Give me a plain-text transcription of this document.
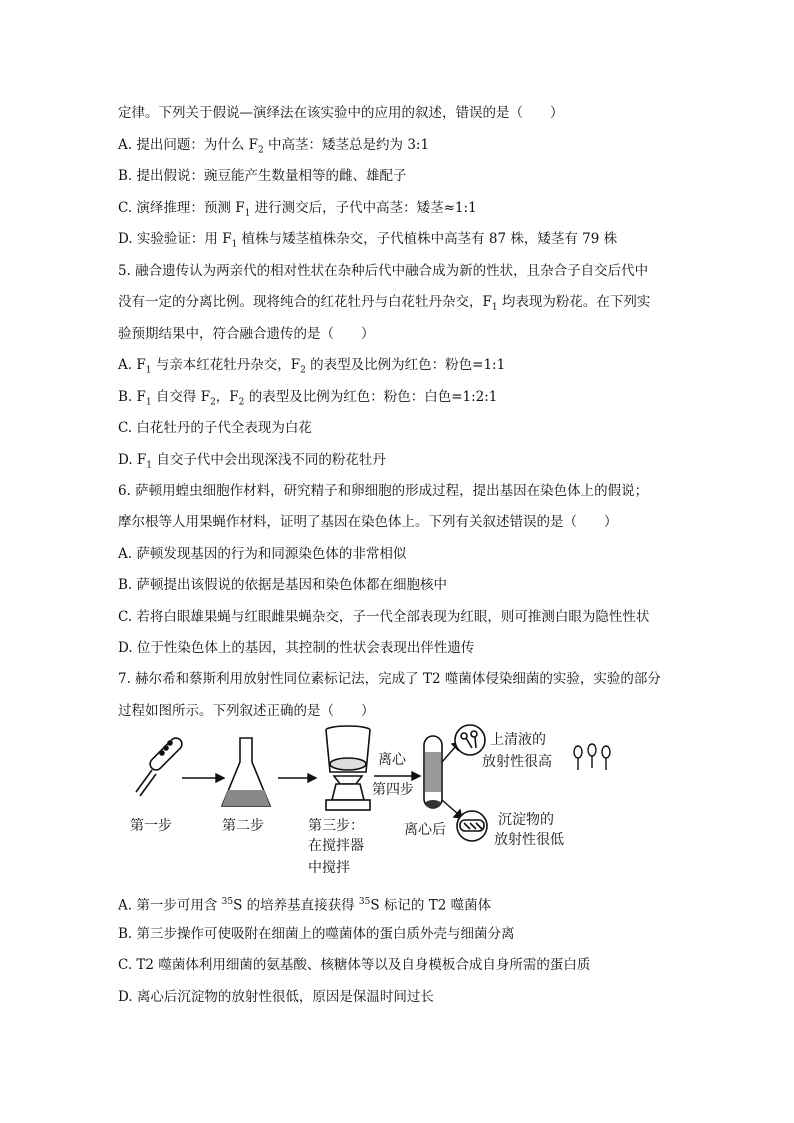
定律。下列关于假说—演绎法在该实验中的应用的叙述，错误的是（　　）
A. 提出问题：为什么 $F_2$ 中高茎：矮茎总是约为 3:1
B. 提出假说：豌豆能产生数量相等的雌、雄配子
C. 演绎推理：预测 $F_1$ 进行测交后，子代中高茎：矮茎≈1:1
D. 实验验证：用 $F_1$ 植株与矮茎植株杂交，子代植株中高茎有 87 株，矮茎有 79 株
5. 融合遗传认为两亲代的相对性状在杂种后代中融合成为新的性状，且杂合子自交后代中
没有一定的分离比例。现将纯合的红花牡丹与白花牡丹杂交，$F_1$ 均表现为粉花。在下列实
验预期结果中，符合融合遗传的是（　　）
A. $F_1$ 与亲本红花牡丹杂交，$F_2$ 的表型及比例为红色：粉色=1:1
B. $F_1$ 自交得 $F_2$，$F_2$ 的表型及比例为红色：粉色：白色=1:2:1
C. 白花牡丹的子代全表现为白花
D. $F_1$ 自交子代中会出现深浅不同的粉花牡丹
6. 萨顿用蝗虫细胞作材料，研究精子和卵细胞的形成过程，提出基因在染色体上的假说；
摩尔根等人用果蝇作材料，证明了基因在染色体上。下列有关叙述错误的是（　　）
A. 萨顿发现基因的行为和同源染色体的非常相似
B. 萨顿提出该假说的依据是基因和染色体都在细胞核中
C. 若将白眼雄果蝇与红眼雌果蝇杂交，子一代全部表现为红眼，则可推测白眼为隐性性状
D. 位于性染色体上的基因，其控制的性状会表现出伴性遗传
7. 赫尔希和蔡斯利用放射性同位素标记法，完成了 T2 噬菌体侵染细菌的实验，实验的部分
过程如图所示。下列叙述正确的是（　　）
离心
第四步
上清液的
放射性很高
沉淀物的
放射性很低
第一步	第二步	第三步：
在搅拌器
中搅拌
离心后
A. 第一步可用含 $^{35}$S 的培养基直接获得 $^{35}$S 标记的 T2 噬菌体
B. 第三步操作可使吸附在细菌上的噬菌体的蛋白质外壳与细菌分离
C. T2 噬菌体利用细菌的氨基酸、核糖体等以及自身模板合成自身所需的蛋白质
D. 离心后沉淀物的放射性很低，原因是保温时间过长
